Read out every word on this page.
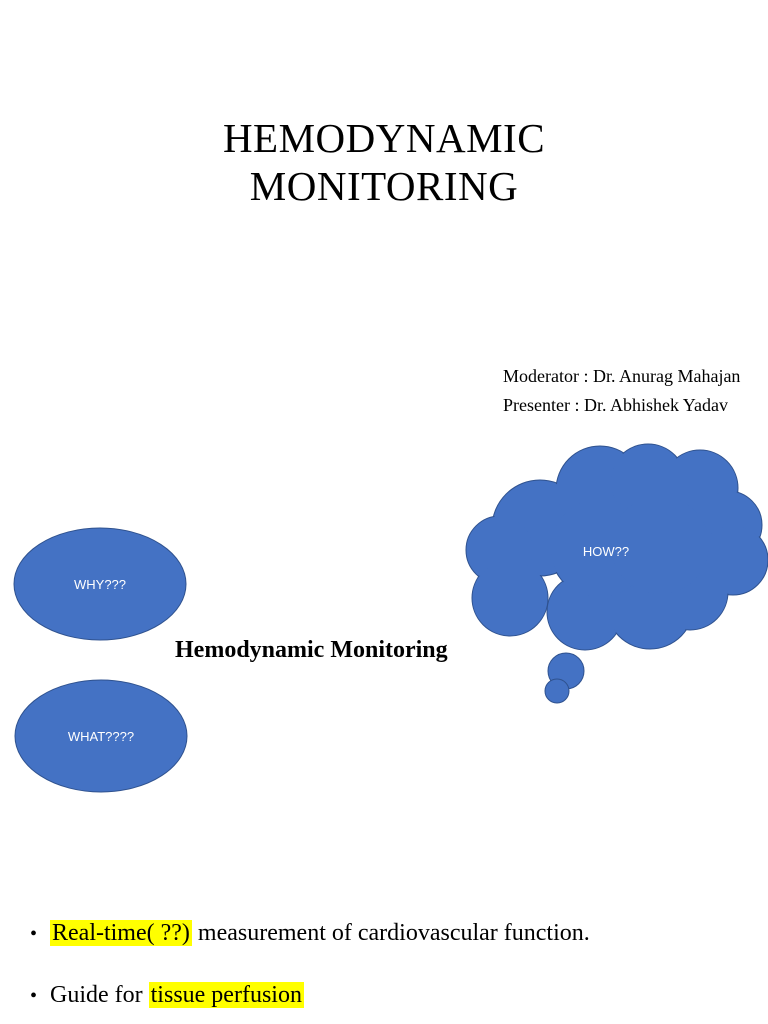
HEMODYNAMIC
MONITORING
Moderator : Dr. Anurag Mahajan
Presenter : Dr. Abhishek Yadav
WHY???
WHAT????
HOW??
Hemodynamic Monitoring
• Real-time( ??) measurement of cardiovascular function.
• Guide for tissue perfusion
